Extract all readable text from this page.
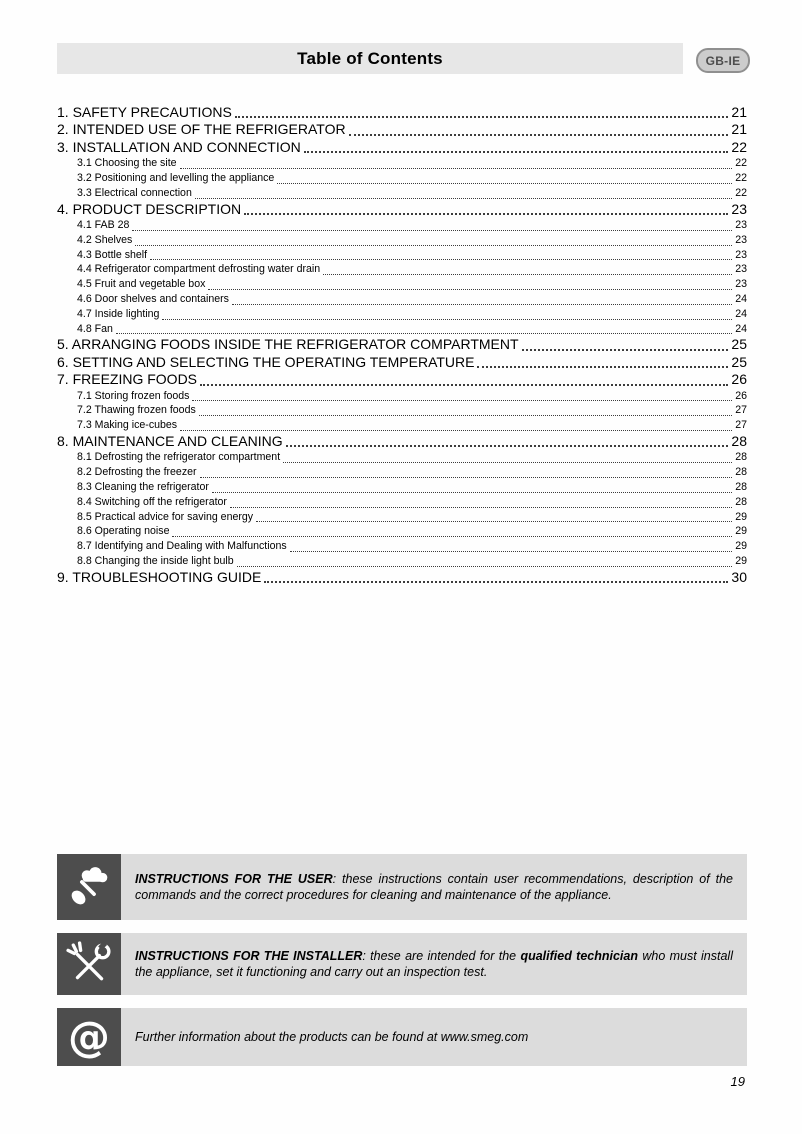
Table of Contents	GB-IE
1. SAFETY PRECAUTIONS	21
2. INTENDED USE OF THE REFRIGERATOR	21
3. INSTALLATION AND CONNECTION	22
3.1 Choosing the site	22
3.2 Positioning and levelling the appliance	22
3.3 Electrical connection	22
4. PRODUCT DESCRIPTION	23
4.1 FAB 28	23
4.2 Shelves	23
4.3 Bottle shelf	23
4.4 Refrigerator compartment defrosting water drain	23
4.5 Fruit and vegetable box	23
4.6 Door shelves and containers	24
4.7 Inside lighting	24
4.8 Fan	24
5. ARRANGING FOODS INSIDE THE REFRIGERATOR COMPARTMENT	25
6. SETTING AND SELECTING THE OPERATING TEMPERATURE	25
7. FREEZING FOODS	26
7.1 Storing frozen foods	26
7.2 Thawing frozen foods	27
7.3 Making ice-cubes	27
8. MAINTENANCE AND CLEANING	28
8.1 Defrosting the refrigerator compartment	28
8.2 Defrosting the freezer	28
8.3 Cleaning the refrigerator	28
8.4 Switching off the refrigerator	28
8.5 Practical advice for saving energy	29
8.6 Operating noise	29
8.7 Identifying and Dealing with Malfunctions	29
8.8 Changing the inside light bulb	29
9. TROUBLESHOOTING GUIDE	30

INSTRUCTIONS FOR THE USER: these instructions contain user recommendations, description of the commands and the correct procedures for cleaning and maintenance of the appliance.

INSTRUCTIONS FOR THE INSTALLER: these are intended for the qualified technician who must install the appliance, set it functioning and carry out an inspection test.

@ Further information about the products can be found at www.smeg.com

19
